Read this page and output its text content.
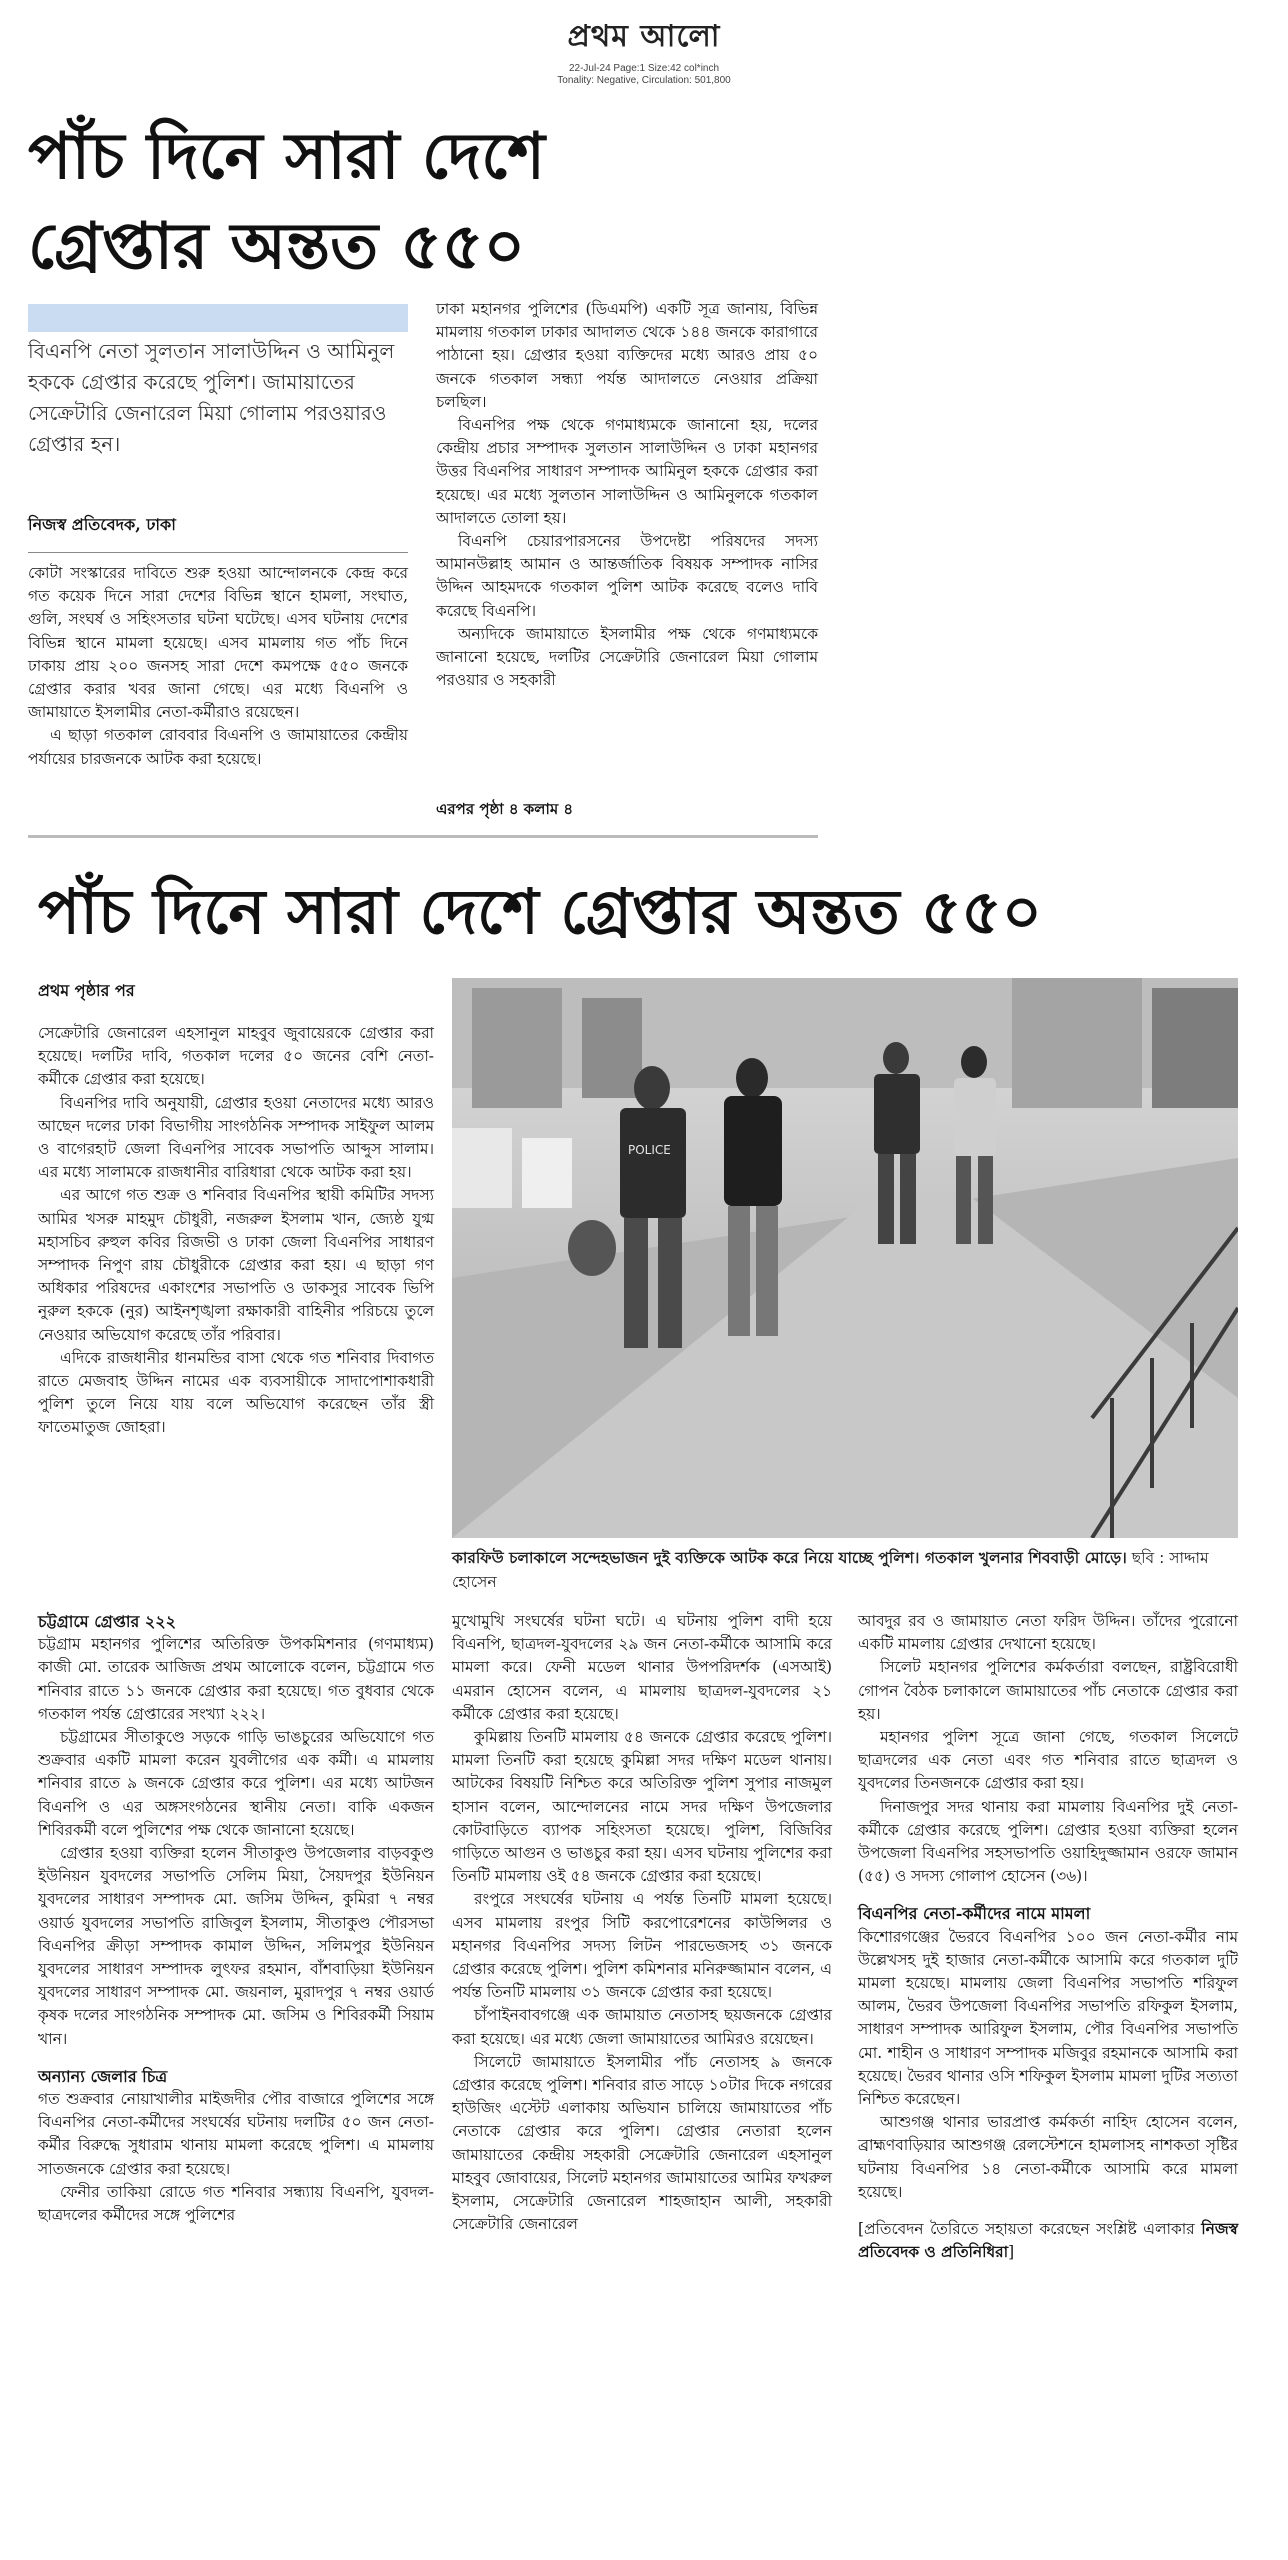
প্রথম আলো
22-Jul-24 Page:1 Size:42 col*inch
Tonality: Negative, Circulation: 501,800
পাঁচ দিনে সারা দেশে
গ্রেপ্তার অন্তত ৫৫০
বিএনপি নেতা সুলতান সালাউদ্দিন ও আমিনুল হককে গ্রেপ্তার করেছে পুলিশ। জামায়াতের সেক্রেটারি জেনারেল মিয়া গোলাম পরওয়ারও গ্রেপ্তার হন।
নিজস্ব প্রতিবেদক, ঢাকা

কোটা সংস্কারের দাবিতে শুরু হওয়া আন্দোলনকে কেন্দ্র করে গত কয়েক দিনে সারা দেশের বিভিন্ন স্থানে হামলা, সংঘাত, গুলি, সংঘর্ষ ও সহিংসতার ঘটনা ঘটেছে। এসব ঘটনায় দেশের বিভিন্ন স্থানে মামলা হয়েছে। এসব মামলায় গত পাঁচ দিনে ঢাকায় প্রায় ২০০ জনসহ সারা দেশে কমপক্ষে ৫৫০ জনকে গ্রেপ্তার করার খবর জানা গেছে। এর মধ্যে বিএনপি ও জামায়াতে ইসলামীর নেতা-কর্মীরাও রয়েছেন।

এ ছাড়া গতকাল রোববার বিএনপি ও জামায়াতের কেন্দ্রীয় পর্যায়ের চারজনকে আটক করা হয়েছে।

ঢাকা মহানগর পুলিশের (ডিএমপি) একটি সূত্র জানায়, বিভিন্ন মামলায় গতকাল ঢাকার আদালত থেকে ১৪৪ জনকে কারাগারে পাঠানো হয়। গ্রেপ্তার হওয়া ব্যক্তিদের মধ্যে আরও প্রায় ৫০ জনকে গতকাল সন্ধ্যা পর্যন্ত আদালতে নেওয়ার প্রক্রিয়া চলছিল।

বিএনপির পক্ষ থেকে গণমাধ্যমকে জানানো হয়, দলের কেন্দ্রীয় প্রচার সম্পাদক সুলতান সালাউদ্দিন ও ঢাকা মহানগর উত্তর বিএনপির সাধারণ সম্পাদক আমিনুল হককে গ্রেপ্তার করা হয়েছে। এর মধ্যে সুলতান সালাউদ্দিন ও আমিনুলকে গতকাল আদালতে তোলা হয়।

বিএনপি চেয়ারপারসনের উপদেষ্টা পরিষদের সদস্য আমানউল্লাহ আমান ও আন্তর্জাতিক বিষয়ক সম্পাদক নাসির উদ্দিন আহমদকে গতকাল পুলিশ আটক করেছে বলেও দাবি করেছে বিএনপি।

অন্যদিকে জামায়াতে ইসলামীর পক্ষ থেকে গণমাধ্যমকে জানানো হয়েছে, দলটির সেক্রেটারি জেনারেল মিয়া গোলাম পরওয়ার ও সহকারী

এরপর পৃষ্ঠা ৪ কলাম ৪
পাঁচ দিনে সারা দেশে গ্রেপ্তার অন্তত ৫৫০
প্রথম পৃষ্ঠার পর

সেক্রেটারি জেনারেল এহসানুল মাহবুব জুবায়েরকে গ্রেপ্তার করা হয়েছে। দলটির দাবি, গতকাল দলের ৫০ জনের বেশি নেতা-কর্মীকে গ্রেপ্তার করা হয়েছে।

বিএনপির দাবি অনুযায়ী, গ্রেপ্তার হওয়া নেতাদের মধ্যে আরও আছেন দলের ঢাকা বিভাগীয় সাংগঠনিক সম্পাদক সাইফুল আলম ও বাগেরহাট জেলা বিএনপির সাবেক সভাপতি আব্দুস সালাম। এর মধ্যে সালামকে রাজধানীর বারিধারা থেকে আটক করা হয়।

এর আগে গত শুক্র ও শনিবার বিএনপির স্থায়ী কমিটির সদস্য আমির খসরু মাহমুদ চৌধুরী, নজরুল ইসলাম খান, জ্যেষ্ঠ যুগ্ম মহাসচিব রুহুল কবির রিজভী ও ঢাকা জেলা বিএনপির সাধারণ সম্পাদক নিপুণ রায় চৌধুরীকে গ্রেপ্তার করা হয়। এ ছাড়া গণ অধিকার পরিষদের একাংশের সভাপতি ও ডাকসুর সাবেক ভিপি নুরুল হককে (নুর) আইনশৃঙ্খলা রক্ষাকারী বাহিনীর পরিচয়ে তুলে নেওয়ার অভিযোগ করেছে তাঁর পরিবার।

এদিকে রাজধানীর ধানমন্ডির বাসা থেকে গত শনিবার দিবাগত রাতে মেজবাহ উদ্দিন নামের এক ব্যবসায়ীকে সাদাপোশাকধারী পুলিশ তুলে নিয়ে যায় বলে অভিযোগ করেছেন তাঁর স্ত্রী ফাতেমাতুজ জোহরা।

POLICE
কারফিউ চলাকালে সন্দেহভাজন দুই ব্যক্তিকে আটক করে নিয়ে যাচ্ছে পুলিশ। গতকাল খুলনার শিববাড়ী মোড়ে। ছবি : সাদ্দাম হোসেন
চট্টগ্রামে গ্রেপ্তার ২২২

চট্টগ্রাম মহানগর পুলিশের অতিরিক্ত উপকমিশনার (গণমাধ্যম) কাজী মো. তারেক আজিজ প্রথম আলোকে বলেন, চট্টগ্রামে গত শনিবার রাতে ১১ জনকে গ্রেপ্তার করা হয়েছে। গত বুধবার থেকে গতকাল পর্যন্ত গ্রেপ্তারের সংখ্যা ২২২।

চট্টগ্রামের সীতাকুণ্ডে সড়কে গাড়ি ভাঙচুরের অভিযোগে গত শুক্রবার একটি মামলা করেন যুবলীগের এক কর্মী। এ মামলায় শনিবার রাতে ৯ জনকে গ্রেপ্তার করে পুলিশ। এর মধ্যে আটজন বিএনপি ও এর অঙ্গসংগঠনের স্থানীয় নেতা। বাকি একজন শিবিরকর্মী বলে পুলিশের পক্ষ থেকে জানানো হয়েছে।

গ্রেপ্তার হওয়া ব্যক্তিরা হলেন সীতাকুণ্ড উপজেলার বাড়বকুণ্ড ইউনিয়ন যুবদলের সভাপতি সেলিম মিয়া, সৈয়দপুর ইউনিয়ন যুবদলের সাধারণ সম্পাদক মো. জসিম উদ্দিন, কুমিরা ৭ নম্বর ওয়ার্ড যুবদলের সভাপতি রাজিবুল ইসলাম, সীতাকুণ্ড পৌরসভা বিএনপির ক্রীড়া সম্পাদক কামাল উদ্দিন, সলিমপুর ইউনিয়ন যুবদলের সাধারণ সম্পাদক লুৎফর রহমান, বাঁশবাড়িয়া ইউনিয়ন যুবদলের সাধারণ সম্পাদক মো. জয়নাল, মুরাদপুর ৭ নম্বর ওয়ার্ড কৃষক দলের সাংগঠনিক সম্পাদক মো. জসিম ও শিবিরকর্মী সিয়াম খান।

অন্যান্য জেলার চিত্র

গত শুক্রবার নোয়াখালীর মাইজদীর পৌর বাজারে পুলিশের সঙ্গে বিএনপির নেতা-কর্মীদের সংঘর্ষের ঘটনায় দলটির ৫০ জন নেতা-কর্মীর বিরুদ্ধে সুধারাম থানায় মামলা করেছে পুলিশ। এ মামলায় সাতজনকে গ্রেপ্তার করা হয়েছে।

ফেনীর তাকিয়া রোডে গত শনিবার সন্ধ্যায় বিএনপি, যুবদল-ছাত্রদলের কর্মীদের সঙ্গে পুলিশের

মুখোমুখি সংঘর্ষের ঘটনা ঘটে। এ ঘটনায় পুলিশ বাদী হয়ে বিএনপি, ছাত্রদল-যুবদলের ২৯ জন নেতা-কর্মীকে আসামি করে মামলা করে। ফেনী মডেল থানার উপপরিদর্শক (এসআই) এমরান হোসেন বলেন, এ মামলায় ছাত্রদল-যুবদলের ২১ কর্মীকে গ্রেপ্তার করা হয়েছে।

কুমিল্লায় তিনটি মামলায় ৫৪ জনকে গ্রেপ্তার করেছে পুলিশ। মামলা তিনটি করা হয়েছে কুমিল্লা সদর দক্ষিণ মডেল থানায়। আটকের বিষয়টি নিশ্চিত করে অতিরিক্ত পুলিশ সুপার নাজমুল হাসান বলেন, আন্দোলনের নামে সদর দক্ষিণ উপজেলার কোটবাড়িতে ব্যাপক সহিংসতা হয়েছে। পুলিশ, বিজিবির গাড়িতে আগুন ও ভাঙচুর করা হয়। এসব ঘটনায় পুলিশের করা তিনটি মামলায় ওই ৫৪ জনকে গ্রেপ্তার করা হয়েছে।

রংপুরে সংঘর্ষের ঘটনায় এ পর্যন্ত তিনটি মামলা হয়েছে। এসব মামলায় রংপুর সিটি করপোরেশনের কাউন্সিলর ও মহানগর বিএনপির সদস্য লিটন পারভেজসহ ৩১ জনকে গ্রেপ্তার করেছে পুলিশ। পুলিশ কমিশনার মনিরুজ্জামান বলেন, এ পর্যন্ত তিনটি মামলায় ৩১ জনকে গ্রেপ্তার করা হয়েছে।

চাঁপাইনবাবগঞ্জে এক জামায়াত নেতাসহ ছয়জনকে গ্রেপ্তার করা হয়েছে। এর মধ্যে জেলা জামায়াতের আমিরও রয়েছেন।

সিলেটে জামায়াতে ইসলামীর পাঁচ নেতাসহ ৯ জনকে গ্রেপ্তার করেছে পুলিশ। শনিবার রাত সাড়ে ১০টার দিকে নগরের হাউজিং এস্টেট এলাকায় অভিযান চালিয়ে জামায়াতের পাঁচ নেতাকে গ্রেপ্তার করে পুলিশ। গ্রেপ্তার নেতারা হলেন জামায়াতের কেন্দ্রীয় সহকারী সেক্রেটারি জেনারেল এহসানুল মাহবুব জোবায়ের, সিলেট মহানগর জামায়াতের আমির ফখরুল ইসলাম, সেক্রেটারি জেনারেল শাহজাহান আলী, সহকারী সেক্রেটারি জেনারেল

আবদুর রব ও জামায়াত নেতা ফরিদ উদ্দিন। তাঁদের পুরোনো একটি মামলায় গ্রেপ্তার দেখানো হয়েছে।

সিলেট মহানগর পুলিশের কর্মকর্তারা বলছেন, রাষ্ট্রবিরোধী গোপন বৈঠক চলাকালে জামায়াতের পাঁচ নেতাকে গ্রেপ্তার করা হয়।

মহানগর পুলিশ সূত্রে জানা গেছে, গতকাল সিলেটে ছাত্রদলের এক নেতা এবং গত শনিবার রাতে ছাত্রদল ও যুবদলের তিনজনকে গ্রেপ্তার করা হয়।

দিনাজপুর সদর থানায় করা মামলায় বিএনপির দুই নেতা-কর্মীকে গ্রেপ্তার করেছে পুলিশ। গ্রেপ্তার হওয়া ব্যক্তিরা হলেন উপজেলা বিএনপির সহসভাপতি ওয়াহিদুজ্জামান ওরফে জামান (৫৫) ও সদস্য গোলাপ হোসেন (৩৬)।

বিএনপির নেতা-কর্মীদের নামে মামলা

কিশোরগঞ্জের ভৈরবে বিএনপির ১০০ জন নেতা-কর্মীর নাম উল্লেখসহ দুই হাজার নেতা-কর্মীকে আসামি করে গতকাল দুটি মামলা হয়েছে। মামলায় জেলা বিএনপির সভাপতি শরিফুল আলম, ভৈরব উপজেলা বিএনপির সভাপতি রফিকুল ইসলাম, সাধারণ সম্পাদক আরিফুল ইসলাম, পৌর বিএনপির সভাপতি মো. শাহীন ও সাধারণ সম্পাদক মজিবুর রহমানকে আসামি করা হয়েছে। ভৈরব থানার ওসি শফিকুল ইসলাম মামলা দুটির সত্যতা নিশ্চিত করেছেন।

আশুগঞ্জ থানার ভারপ্রাপ্ত কর্মকর্তা নাহিদ হোসেন বলেন, ব্রাহ্মণবাড়িয়ার আশুগঞ্জ রেলস্টেশনে হামলাসহ নাশকতা সৃষ্টির ঘটনায় বিএনপির ১৪ নেতা-কর্মীকে আসামি করে মামলা হয়েছে।

[প্রতিবেদন তৈরিতে সহায়তা করেছেন সংশ্লিষ্ট এলাকার নিজস্ব প্রতিবেদক ও প্রতিনিধিরা]
